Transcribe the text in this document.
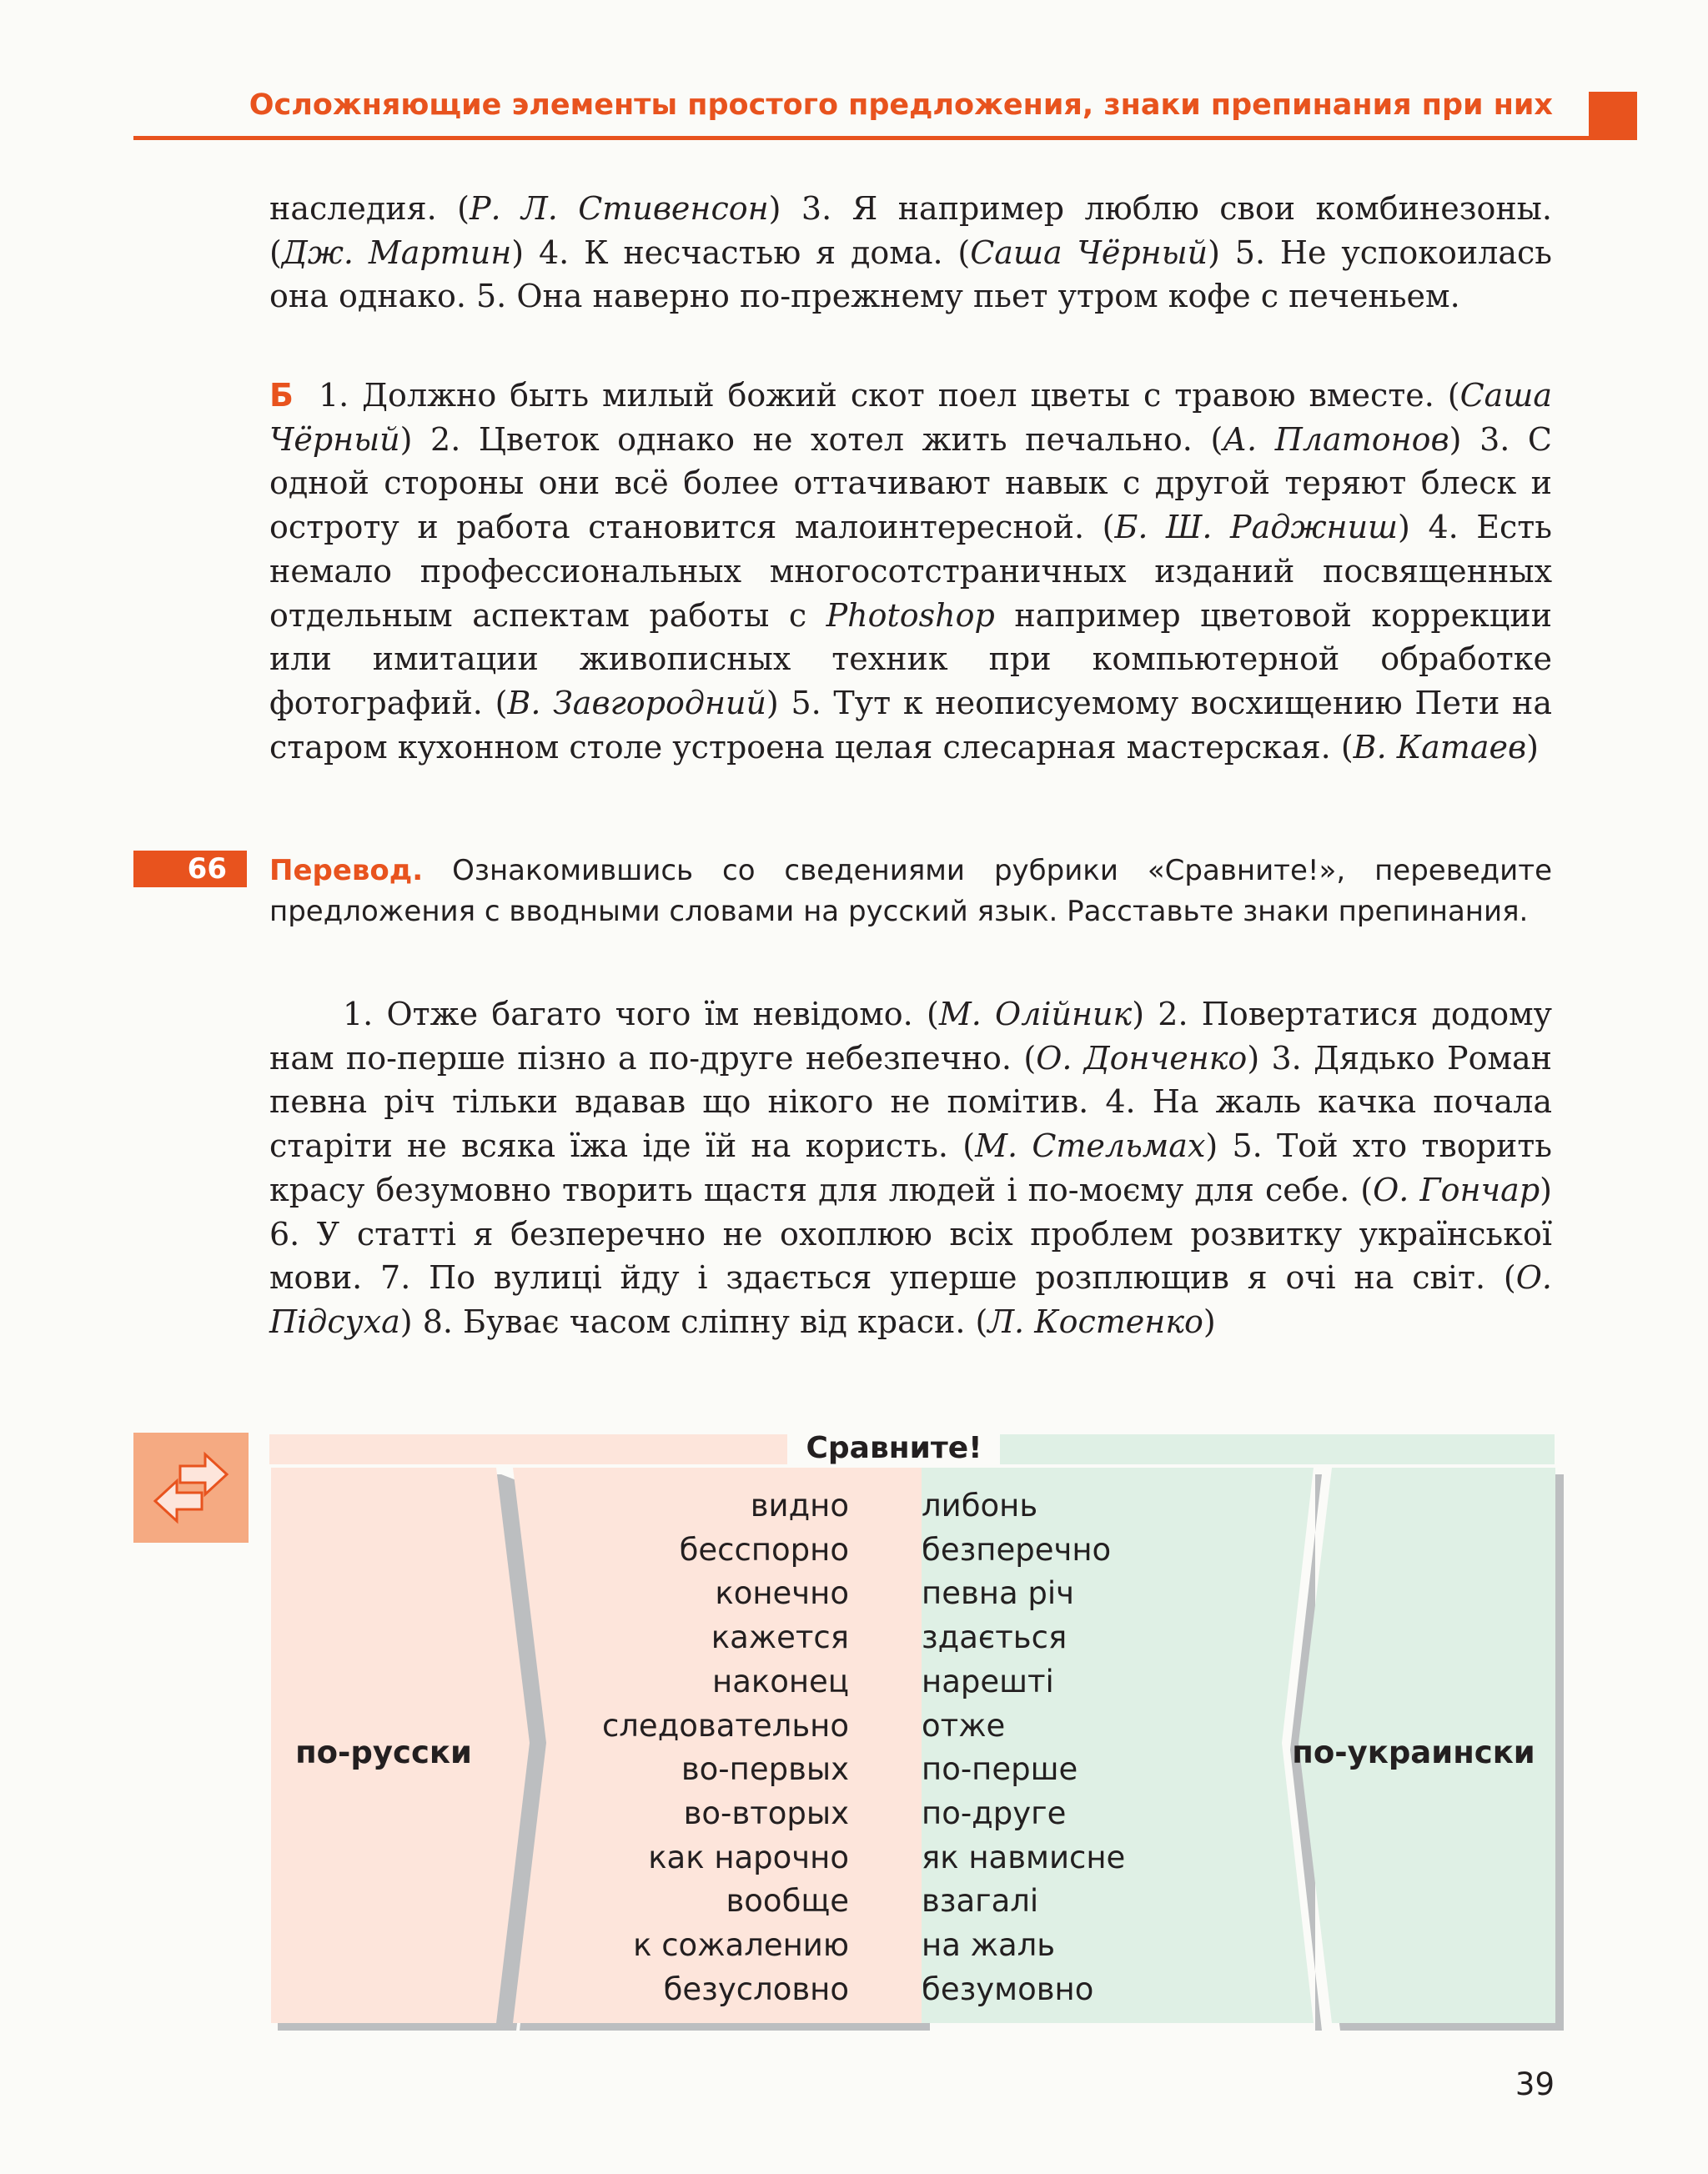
Осложняющие элементы простого предложения, знаки препинания при них
наследия. (Р. Л. Стивенсон) 3. Я например люблю свои комбинезоны. (Дж. Мартин) 4. К несчастью я дома. (Саша Чёрный) 5. Не успокоилась она однако. 5. Она наверно по-прежнему пьет утром кофе с печеньем.
Б 1. Должно быть милый божий скот поел цветы с травою вместе. (Саша Чёрный) 2. Цветок однако не хотел жить печально. (А. Платонов) 3. С одной стороны они всё более оттачивают навык с другой теряют блеск и остроту и работа становится малоинтересной. (Б. Ш. Раджниш) 4. Есть немало профессиональных многосотстраничных изданий посвященных отдельным аспектам работы с Photoshop например цветовой коррекции или имитации живописных техник при компьютерной обработке фотографий. (В. Завгородний) 5. Тут к неописуемому восхищению Пети на старом кухонном столе устроена целая слесарная мастерская. (В. Катаев)
66	Перевод. Ознакомившись со сведениями рубрики «Сравните!», переведите предложения с вводными словами на русский язык. Расставьте знаки препинания.
1. Отже багато чого їм невідомо. (М. Олійник) 2. Повертатися додому нам по-перше пізно а по-друге небезпечно. (О. Донченко) 3. Дядько Роман певна річ тільки вдавав що нікого не помітив. 4. На жаль качка почала старіти не всяка їжа іде їй на користь. (М. Стельмах) 5. Той хто творить красу безумовно творить щастя для людей і по-моєму для себе. (О. Гончар) 6. У статті я безперечно не охоплюю всіх проблем розвитку української мови. 7. По вулиці йду і здається уперше розплющив я очі на світ. (О. Підсуха) 8. Буває часом сліпну від краси. (Л. Костенко)
Сравните!
по-русски	по-украински
видно
бесспорно
конечно
кажется
наконец
следовательно
во-первых
во-вторых
как нарочно
вообще
к сожалению
безусловно
либонь
безперечно
певна річ
здається
нарешті
отже
по-перше
по-друге
як навмисне
взагалі
на жаль
безумовно
39
